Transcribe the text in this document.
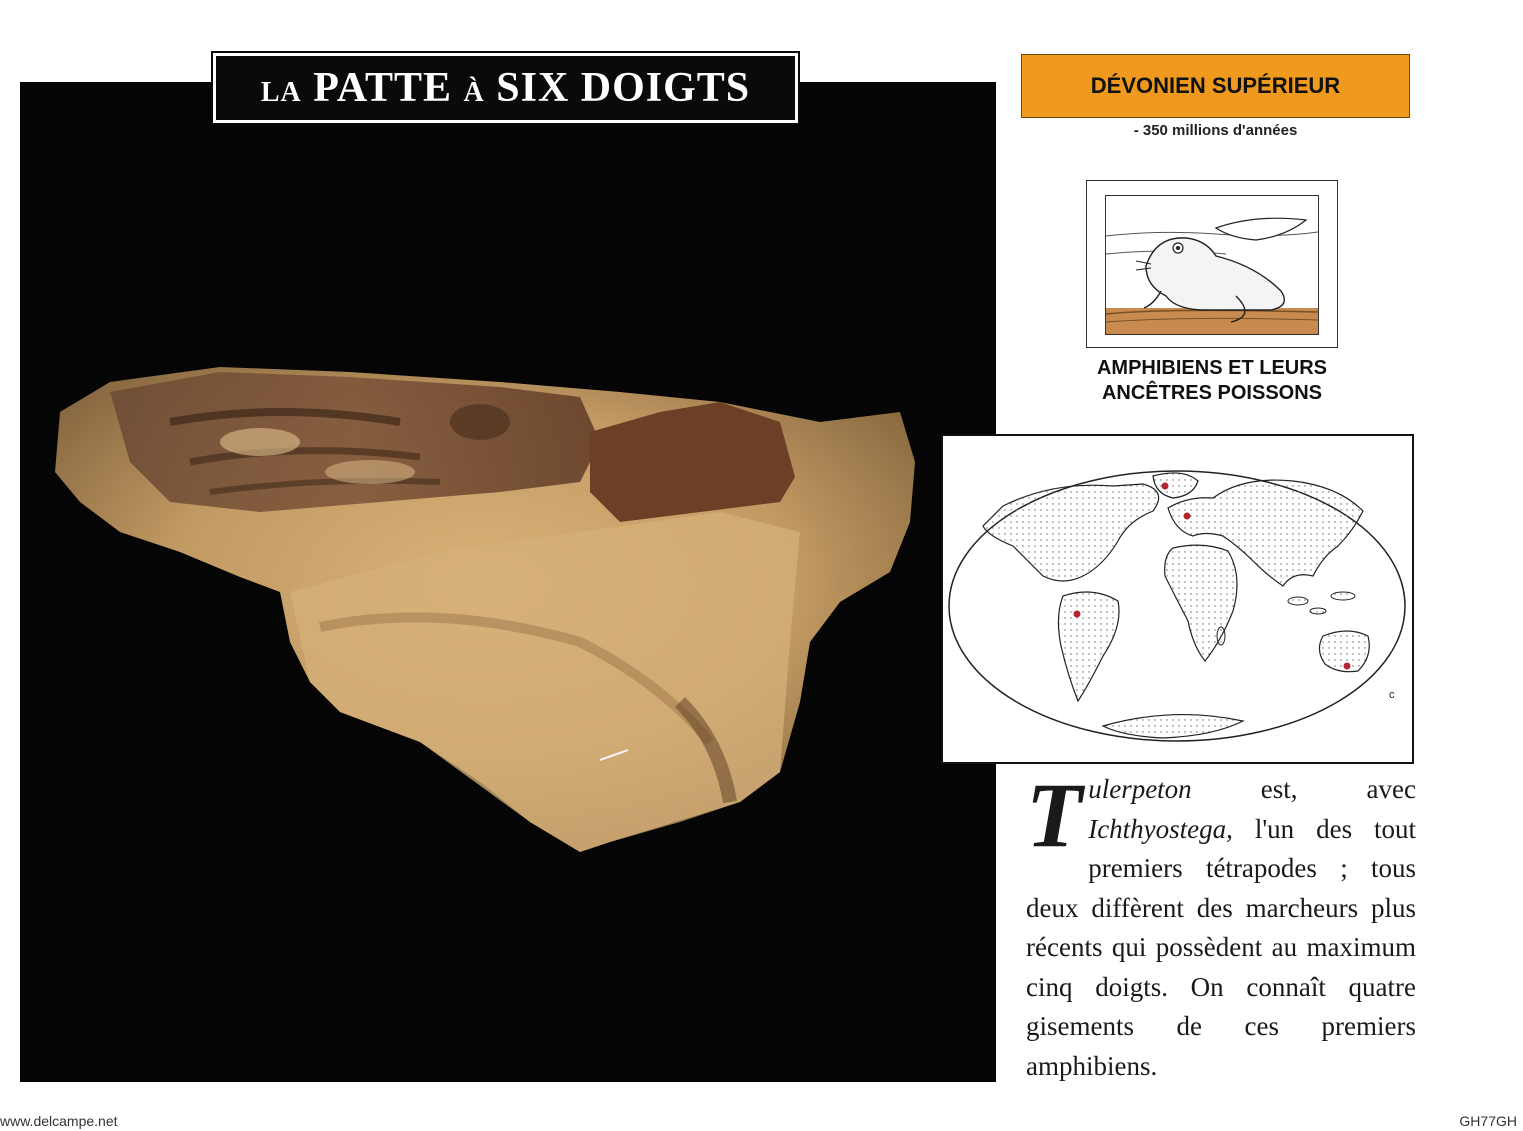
LA PATTE À SIX DOIGTS	DÉVONIEN SUPÉRIEUR
- 350 millions d'années
AMPHIBIENS ET LEURS
ANCÊTRES POISSONS
c
Tulerpeton est, avec Ichthyostega, l'un des tout premiers tétrapodes ; tous deux diffèrent des marcheurs plus récents qui possèdent au maximum cinq doigts. On connaît quatre gisements de ces premiers amphibiens.
www.delcampe.net	GH77GH
